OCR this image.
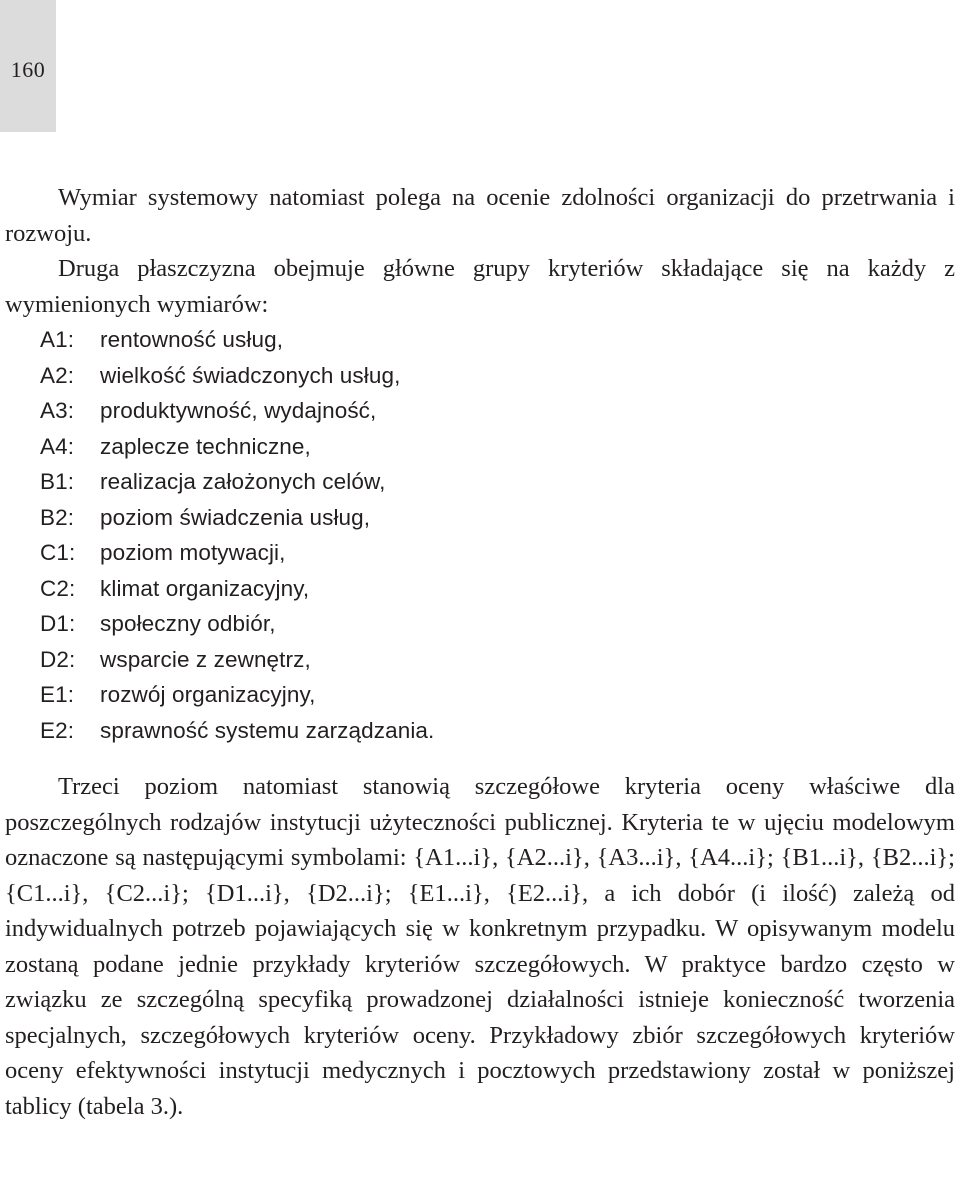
160

Wymiar systemowy natomiast polega na ocenie zdolności organizacji do przetrwania i rozwoju.

Druga płaszczyzna obejmuje główne grupy kryteriów składające się na każdy z wymienionych wymiarów:

A1:	rentowność usług,
A2:	wielkość świadczonych usług,
A3:	produktywność, wydajność,
A4:	zaplecze techniczne,
B1:	realizacja założonych celów,
B2:	poziom świadczenia usług,
C1:	poziom motywacji,
C2:	klimat organizacyjny,
D1:	społeczny odbiór,
D2:	wsparcie z zewnętrz,
E1:	rozwój organizacyjny,
E2:	sprawność systemu zarządzania.

Trzeci poziom natomiast stanowią szczegółowe kryteria oceny właściwe dla poszczególnych rodzajów instytucji użyteczności publicznej. Kryteria te w ujęciu modelowym oznaczone są następującymi symbolami: {A1...i}, {A2...i}, {A3...i}, {A4...i}; {B1...i}, {B2...i}; {C1...i}, {C2...i}; {D1...i}, {D2...i}; {E1...i}, {E2...i}, a ich dobór (i ilość) zależą od indywidualnych potrzeb pojawiających się w konkretnym przypadku. W opisywanym modelu zostaną podane jednie przykłady kryteriów szczegółowych. W praktyce bardzo często w związku ze szczególną specyfiką prowadzonej działalności istnieje konieczność tworzenia specjalnych, szczegółowych kryteriów oceny. Przykładowy zbiór szczegółowych kryteriów oceny efektywności instytucji medycznych i pocztowych przedstawiony został w poniższej tablicy (tabela 3.).
